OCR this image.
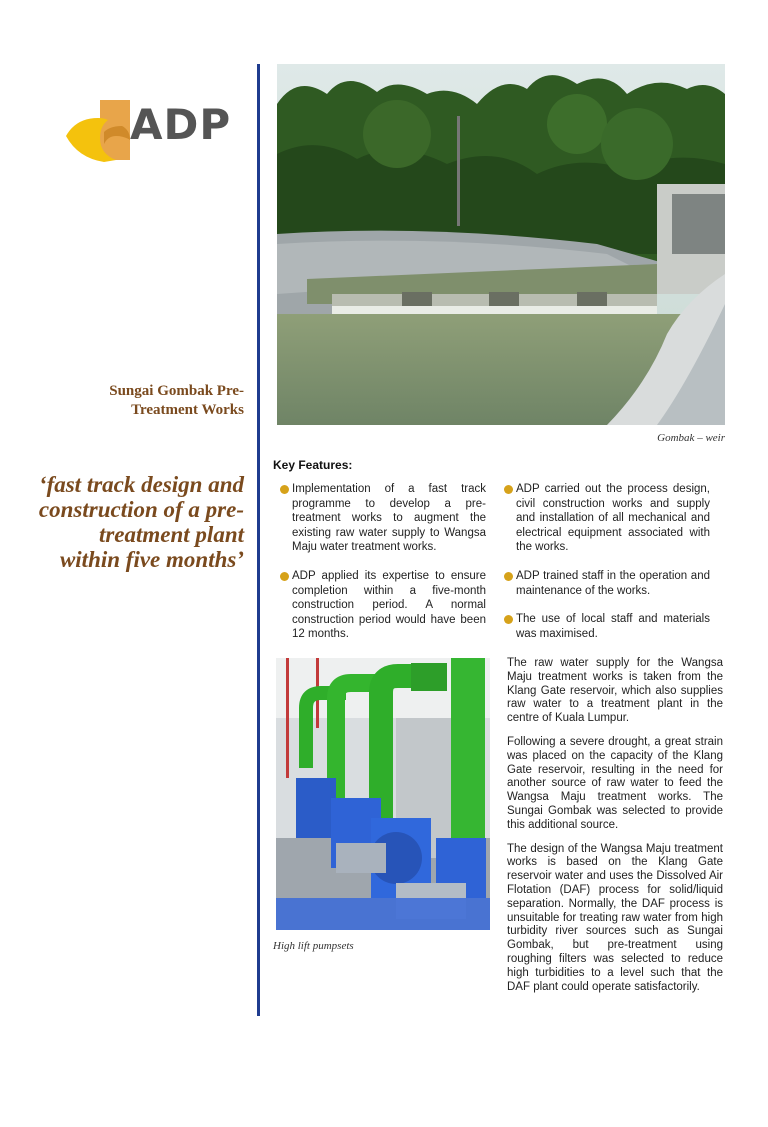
ADP
Sungai Gombak Pre-Treatment Works
‘fast track design and construction of a pre-treatment plant within five months’
Gombak – weir
Key Features:
Implementation of a fast track programme to develop a pre-treatment works to augment the existing raw water supply to Wangsa Maju water treatment works.
ADP applied its expertise to ensure completion within a five-month construction period. A normal construction period would have been 12 months.
ADP carried out the process design, civil construction works and supply and installation of all mechanical and electrical equipment associated with the works.
ADP trained staff in the operation and maintenance of the works.
The use of local staff and materials was maximised.
High lift pumpsets

The raw water supply for the Wangsa Maju treatment works is taken from the Klang Gate reservoir, which also supplies raw water to a treatment plant in the centre of Kuala Lumpur.

Following a severe drought, a great strain was placed on the capacity of the Klang Gate reservoir, resulting in the need for another source of raw water to feed the Wangsa Maju treatment works. The Sungai Gombak was selected to provide this additional source.

The design of the Wangsa Maju treatment works is based on the Klang Gate reservoir water and uses the Dissolved Air Flotation (DAF) process for solid/liquid separation. Normally, the DAF process is unsuitable for treating raw water from high turbidity river sources such as Sungai Gombak, but pre-treatment using roughing filters was selected to reduce high turbidities to a level such that the DAF plant could operate satisfactorily.
